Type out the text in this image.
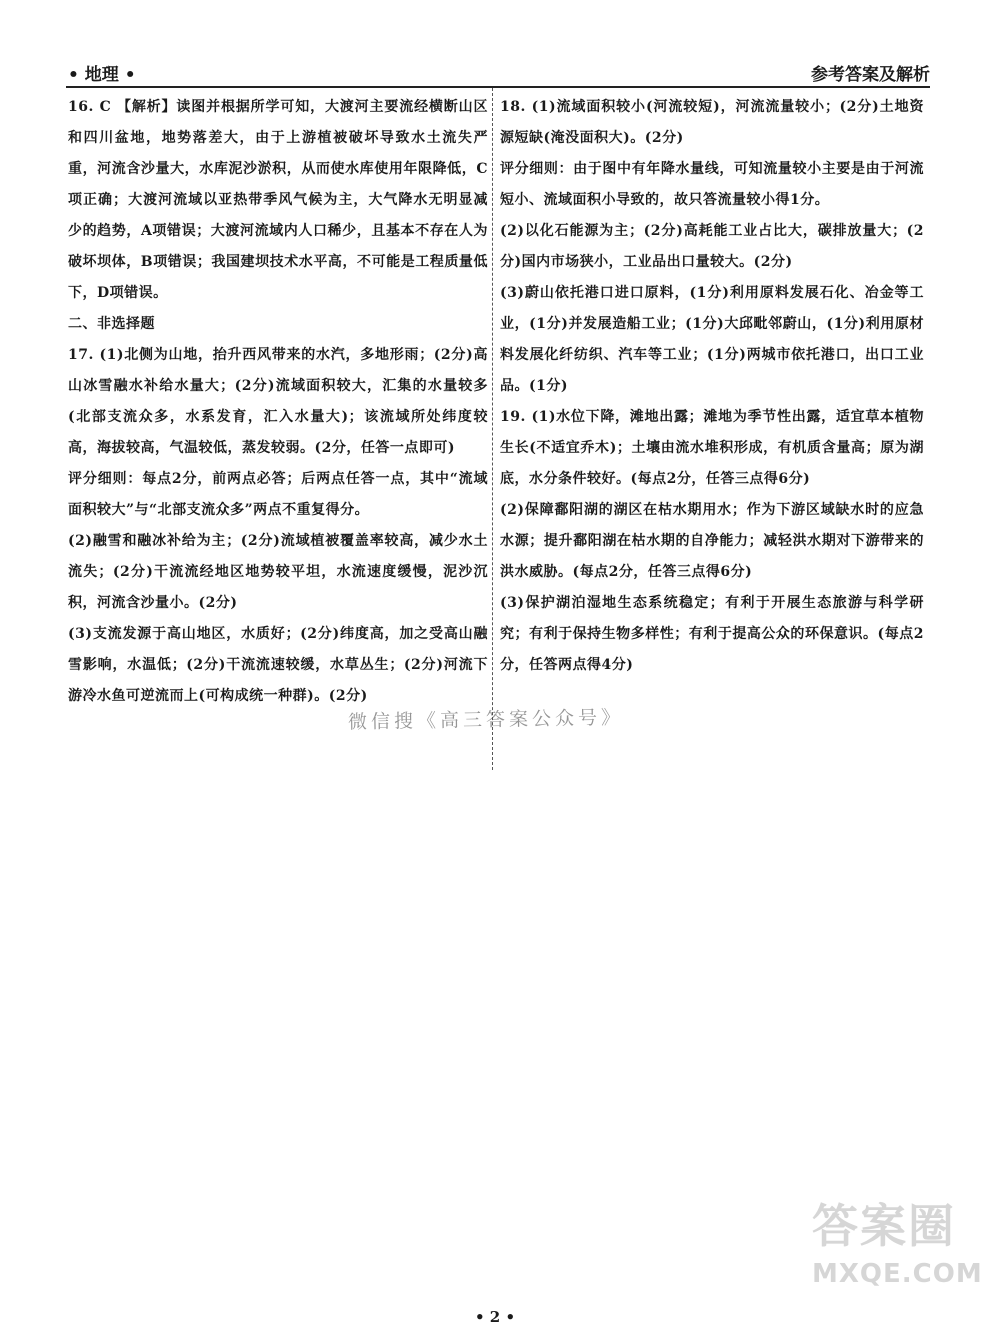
• 地理 •	参考答案及解析

16. C 【解析】读图并根据所学可知，大渡河主要流经横断山区和四川盆地，地势落差大，由于上游植被破坏导致水土流失严重，河流含沙量大，水库泥沙淤积，从而使水库使用年限降低，C项正确；大渡河流域以亚热带季风气候为主，大气降水无明显减少的趋势，A项错误；大渡河流域内人口稀少，且基本不存在人为破坏坝体，B项错误；我国建坝技术水平高，不可能是工程质量低下，D项错误。

二、非选择题

17. (1)北侧为山地，抬升西风带来的水汽，多地形雨；(2分)高山冰雪融水补给水量大；(2分)流域面积较大，汇集的水量较多(北部支流众多，水系发育，汇入水量大)；该流域所处纬度较高，海拔较高，气温较低，蒸发较弱。(2分，任答一点即可)

评分细则：每点2分，前两点必答；后两点任答一点，其中“流域面积较大”与“北部支流众多”两点不重复得分。

(2)融雪和融冰补给为主；(2分)流域植被覆盖率较高，减少水土流失；(2分)干流流经地区地势较平坦，水流速度缓慢，泥沙沉积，河流含沙量小。(2分)

(3)支流发源于高山地区，水质好；(2分)纬度高，加之受高山融雪影响，水温低；(2分)干流流速较缓，水草丛生；(2分)河流下游冷水鱼可逆流而上(可构成统一种群)。(2分)

18. (1)流域面积较小(河流较短)，河流流量较小；(2分)土地资源短缺(淹没面积大)。(2分)

评分细则：由于图中有年降水量线，可知流量较小主要是由于河流短小、流域面积小导致的，故只答流量较小得1分。

(2)以化石能源为主；(2分)高耗能工业占比大，碳排放量大；(2分)国内市场狭小，工业品出口量较大。(2分)

(3)蔚山依托港口进口原料，(1分)利用原料发展石化、冶金等工业，(1分)并发展造船工业；(1分)大邱毗邻蔚山，(1分)利用原材料发展化纤纺织、汽车等工业；(1分)两城市依托港口，出口工业品。(1分)

19. (1)水位下降，滩地出露；滩地为季节性出露，适宜草本植物生长(不适宜乔木)；土壤由流水堆积形成，有机质含量高；原为湖底，水分条件较好。(每点2分，任答三点得6分)

(2)保障鄱阳湖的湖区在枯水期用水；作为下游区域缺水时的应急水源；提升鄱阳湖在枯水期的自净能力；减轻洪水期对下游带来的洪水威胁。(每点2分，任答三点得6分)

(3)保护湖泊湿地生态系统稳定；有利于开展生态旅游与科学研究；有利于保持生物多样性；有利于提高公众的环保意识。(每点2分，任答两点得4分)

微信搜《高三答案公众号》
答案圈
MXQE.COM
• 2 •
